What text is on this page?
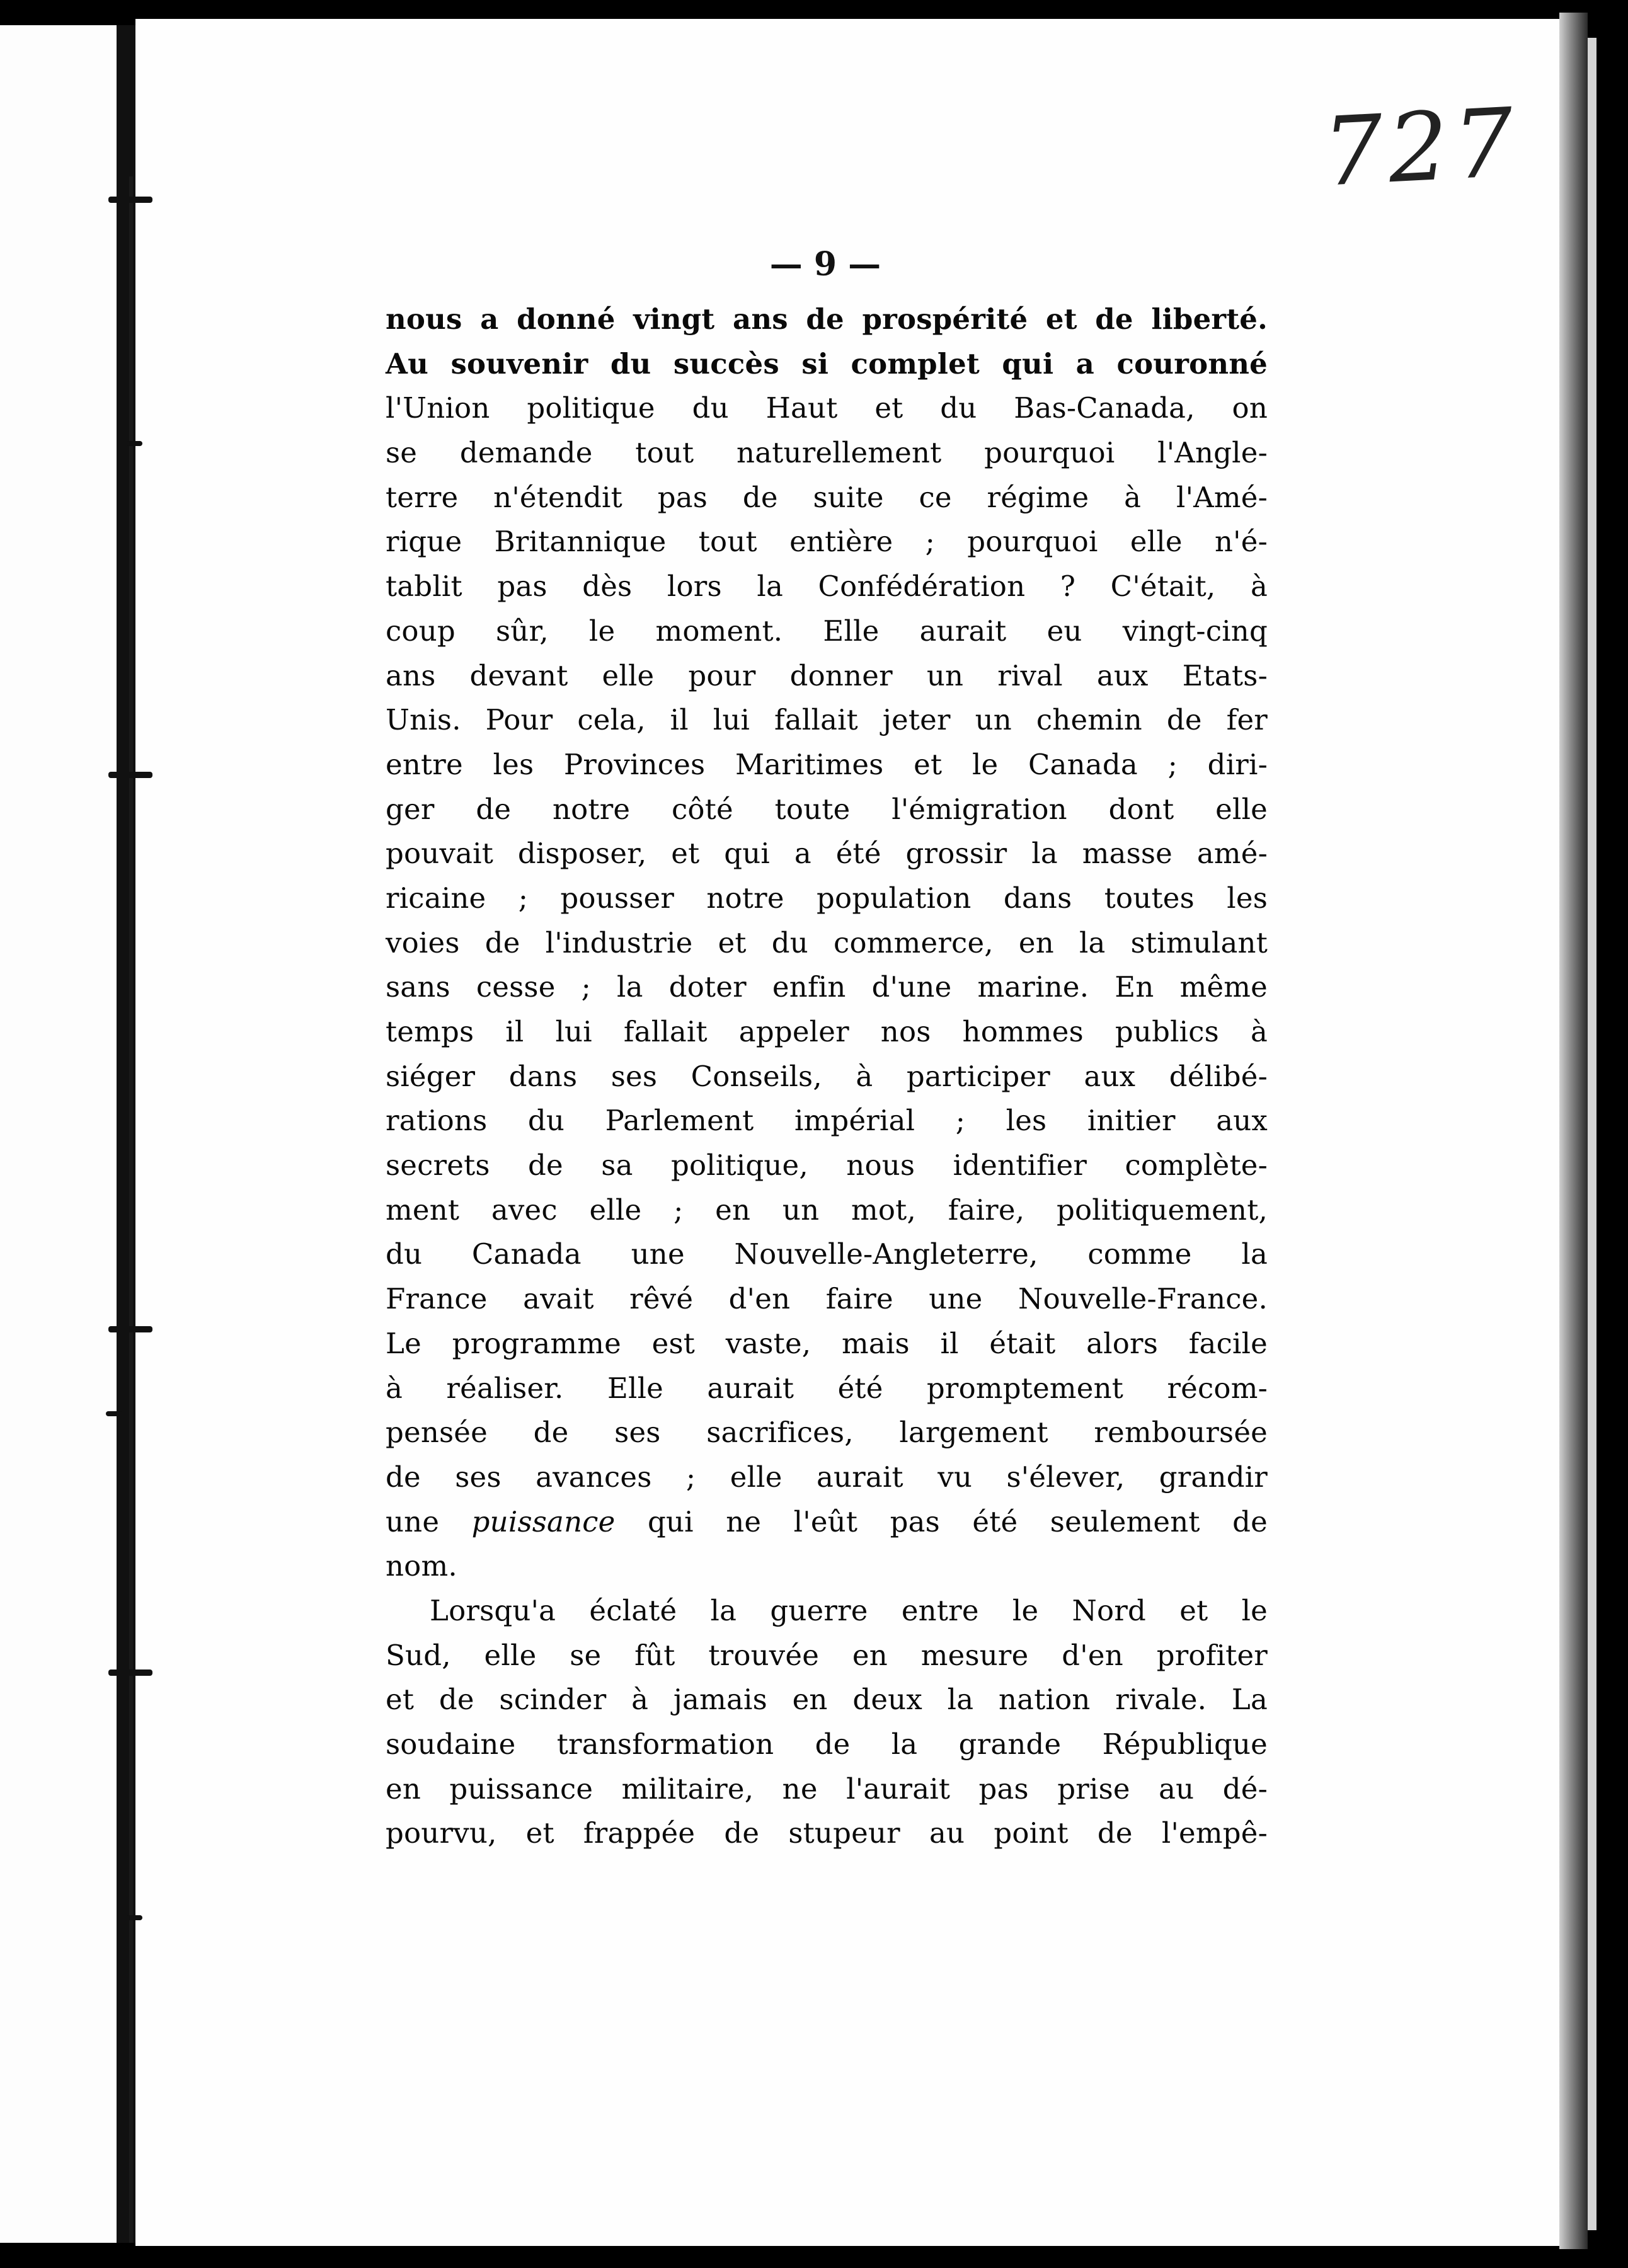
727
— 9 —
nous a donné vingt ans de prospérité et de liberté.
Au souvenir du succès si complet qui a couronné
l'Union politique du Haut et du Bas-Canada, on
se demande tout naturellement pourquoi l'Angle-
terre n'étendit pas de suite ce régime à l'Amé-
rique Britannique tout entière ; pourquoi elle n'é-
tablit pas dès lors la Confédération ? C'était, à
coup sûr, le moment. Elle aurait eu vingt-cinq
ans devant elle pour donner un rival aux Etats-
Unis. Pour cela, il lui fallait jeter un chemin de fer
entre les Provinces Maritimes et le Canada ; diri-
ger de notre côté toute l'émigration dont elle
pouvait disposer, et qui a été grossir la masse amé-
ricaine ; pousser notre population dans toutes les
voies de l'industrie et du commerce, en la stimulant
sans cesse ; la doter enfin d'une marine. En même
temps il lui fallait appeler nos hommes publics à
siéger dans ses Conseils, à participer aux délibé-
rations du Parlement impérial ; les initier aux
secrets de sa politique, nous identifier complète-
ment avec elle ; en un mot, faire, politiquement,
du Canada une Nouvelle-Angleterre, comme la
France avait rêvé d'en faire une Nouvelle-France.
Le programme est vaste, mais il était alors facile
à réaliser. Elle aurait été promptement récom-
pensée de ses sacrifices, largement remboursée
de ses avances ; elle aurait vu s'élever, grandir
une puissance qui ne l'eût pas été seulement de
nom.
Lorsqu'a éclaté la guerre entre le Nord et le
Sud, elle se fût trouvée en mesure d'en profiter
et de scinder à jamais en deux la nation rivale. La
soudaine transformation de la grande République
en puissance militaire, ne l'aurait pas prise au dé-
pourvu, et frappée de stupeur au point de l'empê-
